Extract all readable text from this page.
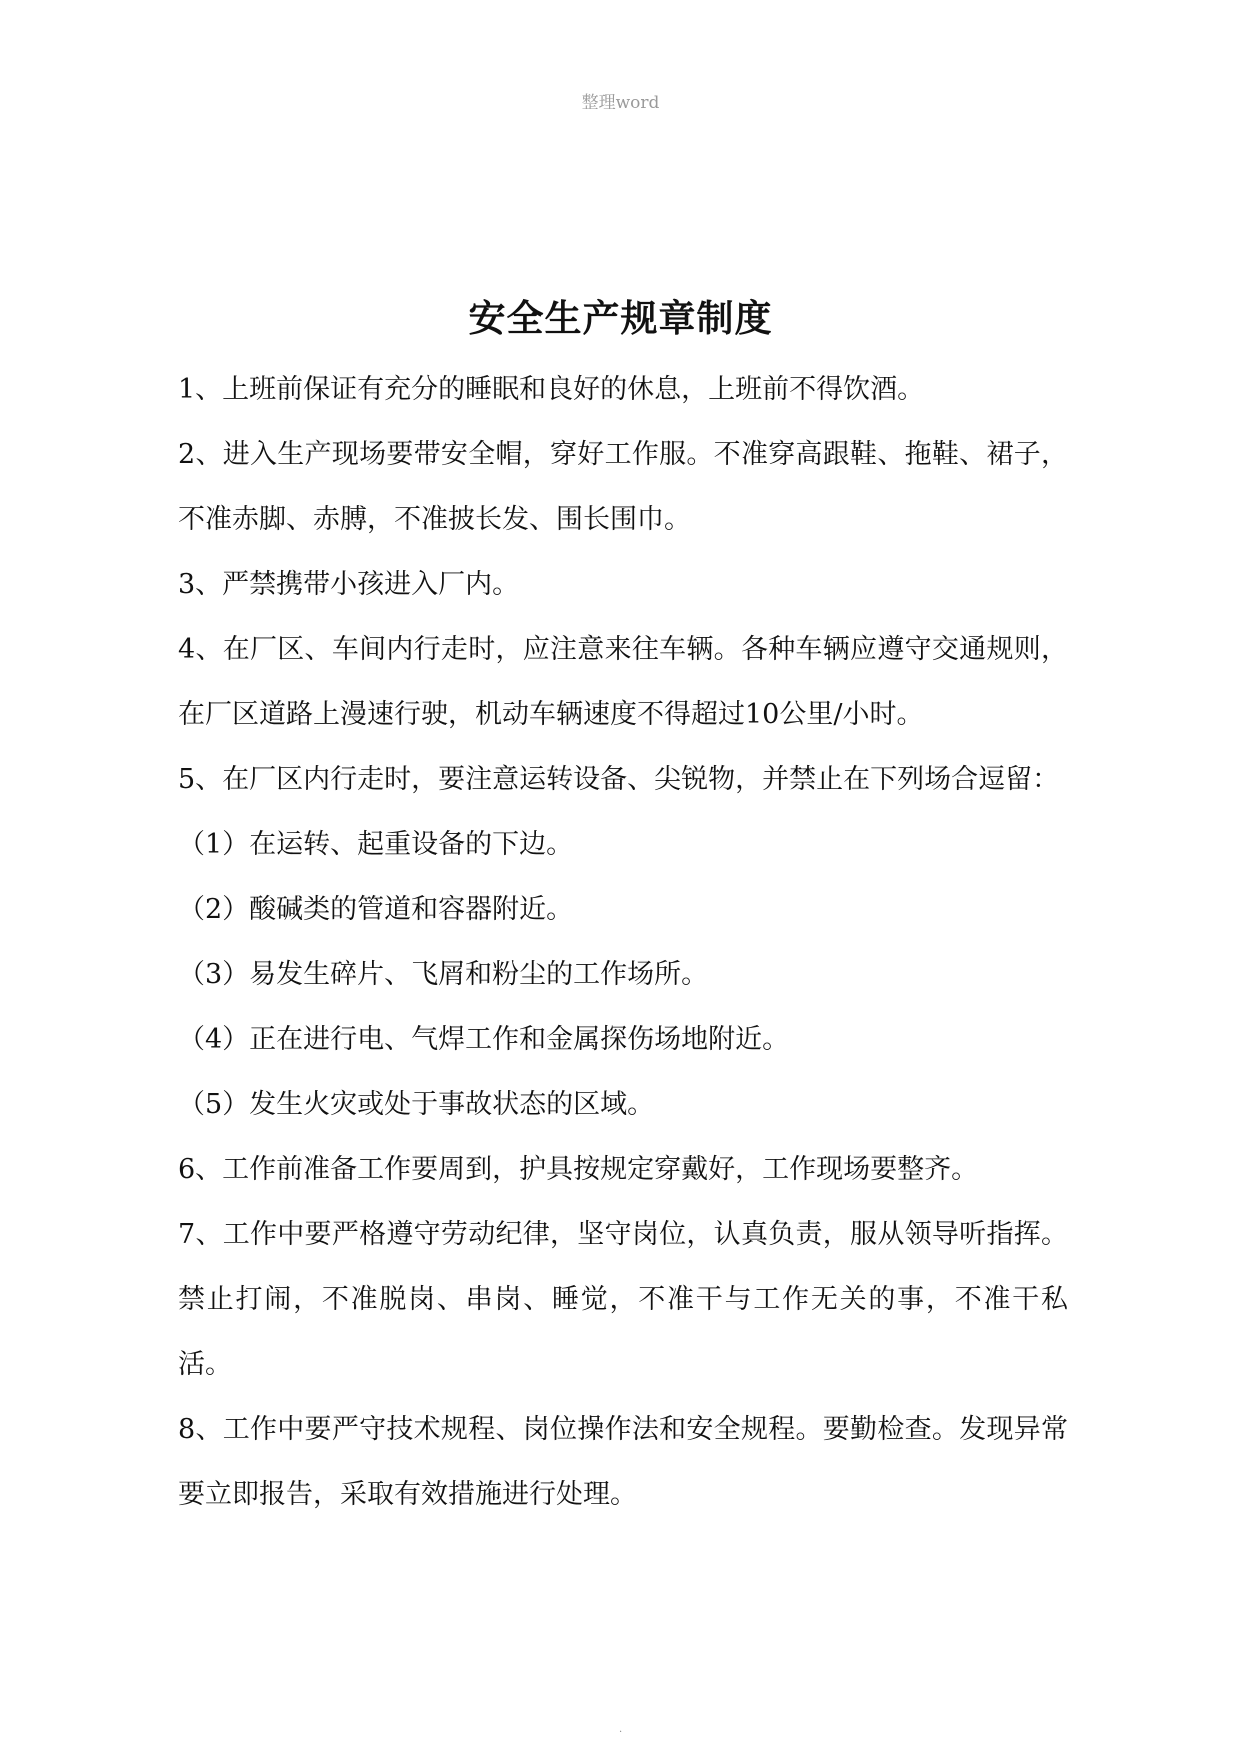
整理word
安全生产规章制度

1、上班前保证有充分的睡眠和良好的休息，上班前不得饮酒。

2、进入生产现场要带安全帽，穿好工作服。不准穿高跟鞋、拖鞋、裙子，不准赤脚、赤膊，不准披长发、围长围巾。

3、严禁携带小孩进入厂内。

4、在厂区、车间内行走时，应注意来往车辆。各种车辆应遵守交通规则，在厂区道路上漫速行驶，机动车辆速度不得超过10公里/小时。

5、在厂区内行走时，要注意运转设备、尖锐物，并禁止在下列场合逗留：

（1）在运转、起重设备的下边。

（2）酸碱类的管道和容器附近。

（3）易发生碎片、飞屑和粉尘的工作场所。

（4）正在进行电、气焊工作和金属探伤场地附近。

（5）发生火灾或处于事故状态的区域。

6、工作前准备工作要周到，护具按规定穿戴好，工作现场要整齐。

7、工作中要严格遵守劳动纪律，坚守岗位，认真负责，服从领导听指挥。禁止打闹，不准脱岗、串岗、睡觉，不准干与工作无关的事，不准干私活。

8、工作中要严守技术规程、岗位操作法和安全规程。要勤检查。发现异常要立即报告，采取有效措施进行处理。

.
